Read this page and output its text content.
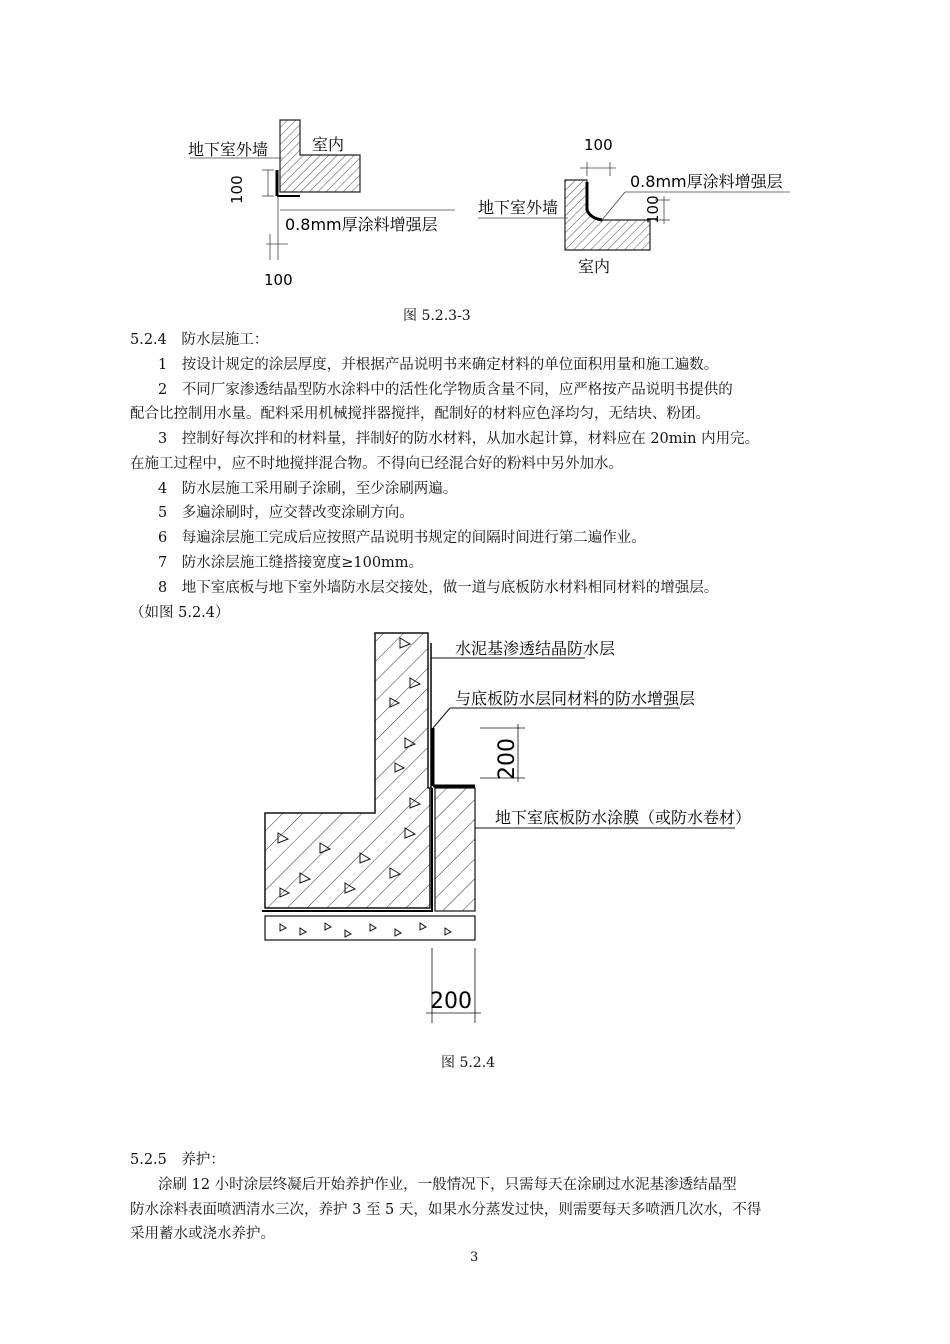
地下室外墙	室内
100
0.8mm厚涂料增强层
100
100
0.8mm厚涂料增强层
地下室外墙	100
室内
图 5.2.3-3
5.2.4　防水层施工：
1　按设计规定的涂层厚度，并根据产品说明书来确定材料的单位面积用量和施工遍数。
2　不同厂家渗透结晶型防水涂料中的活性化学物质含量不同，应严格按产品说明书提供的
配合比控制用水量。配料采用机械搅拌器搅拌，配制好的材料应色泽均匀，无结块、粉团。
3　控制好每次拌和的材料量，拌制好的防水材料，从加水起计算，材料应在 20min 内用完。
在施工过程中，应不时地搅拌混合物。不得向已经混合好的粉料中另外加水。
4　防水层施工采用刷子涂刷，至少涂刷两遍。
5　多遍涂刷时，应交替改变涂刷方向。
6　每遍涂层施工完成后应按照产品说明书规定的间隔时间进行第二遍作业。
7　防水涂层施工缝搭接宽度≥100mm。
8　地下室底板与地下室外墙防水层交接处，做一道与底板防水材料相同材料的增强层。
（如图 5.2.4）
水泥基渗透结晶防水层
与底板防水层同材料的防水增强层
200
地下室底板防水涂膜（或防水卷材）
200
图 5.2.4
5.2.5　养护：
涂刷 12 小时涂层终凝后开始养护作业，一般情况下，只需每天在涂刷过水泥基渗透结晶型
防水涂料表面喷洒清水三次，养护 3 至 5 天，如果水分蒸发过快，则需要每天多喷洒几次水，不得
采用蓄水或浇水养护。
3
